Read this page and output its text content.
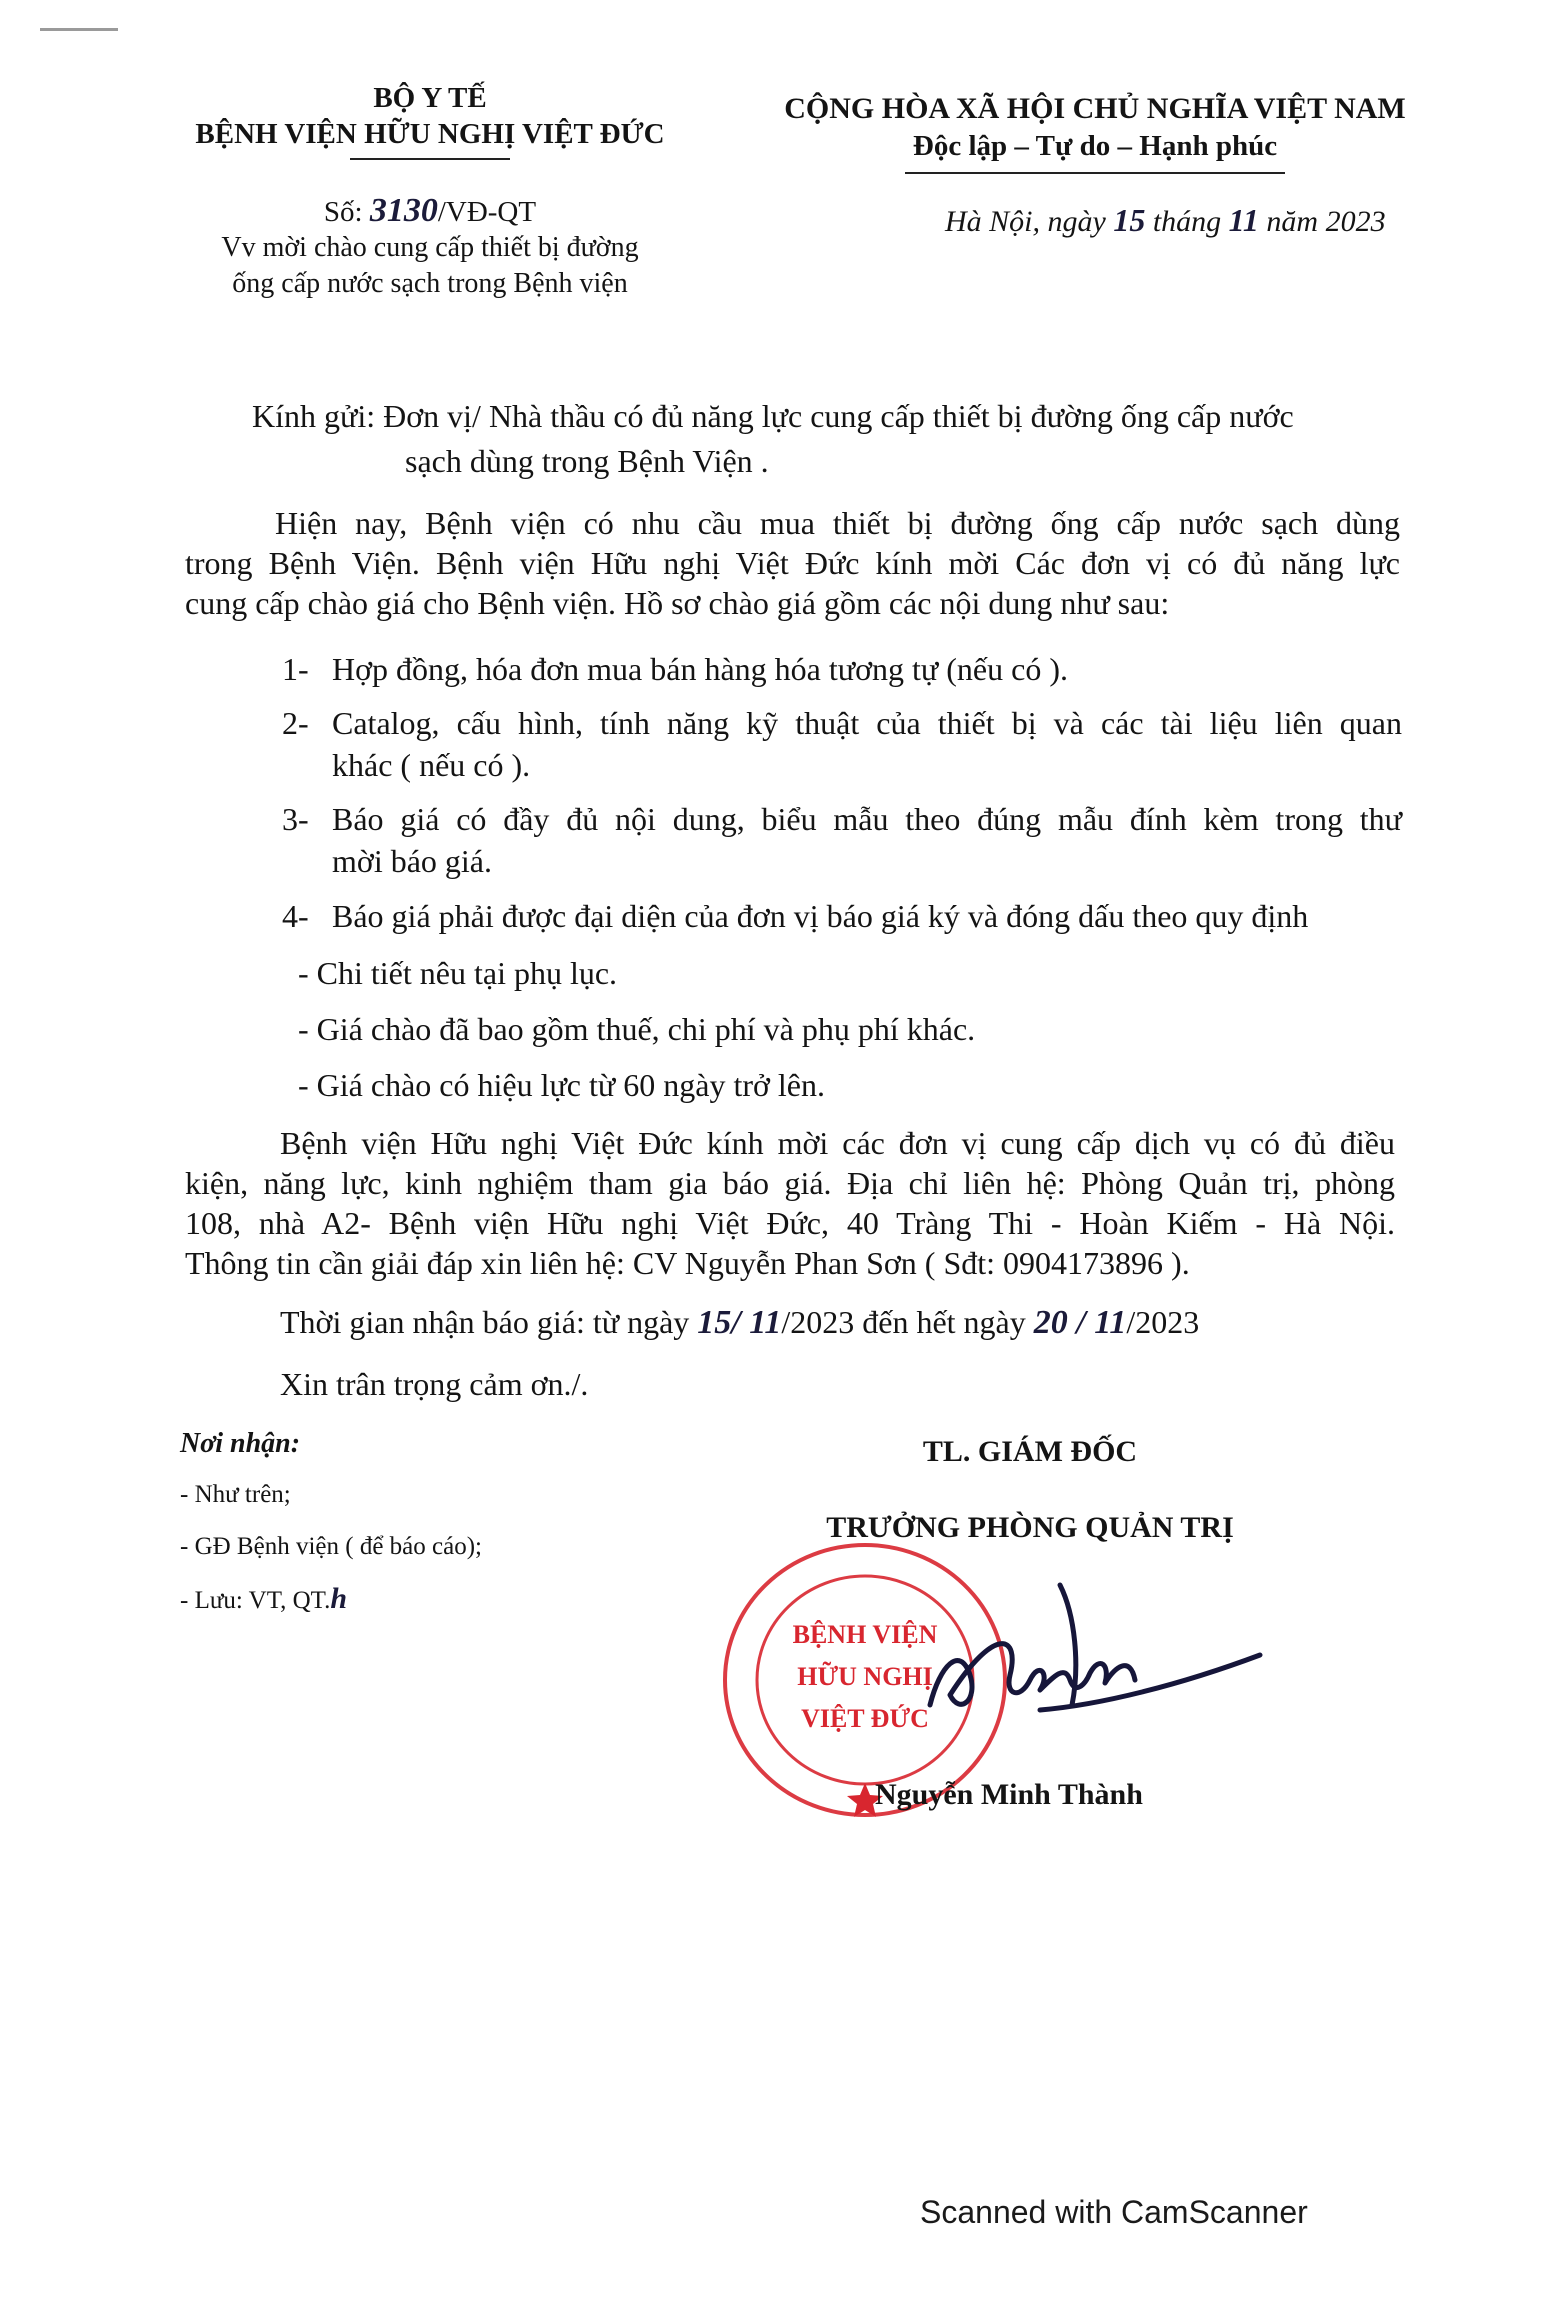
BỘ Y TẾ
BỆNH VIỆN HỮU NGHỊ VIỆT ĐỨC
Số: 3130/VĐ-QT
Vv mời chào cung cấp thiết bị đường
ống cấp nước sạch trong Bệnh viện
CỘNG HÒA XÃ HỘI CHỦ NGHĨA VIỆT NAM
Độc lập – Tự do – Hạnh phúc
Hà Nội, ngày 15 tháng 11 năm 2023
Kính gửi: Đơn vị/ Nhà thầu có đủ năng lực cung cấp thiết bị đường ống cấp nước
sạch dùng trong Bệnh Viện .
Hiện nay, Bệnh viện có nhu cầu mua thiết bị đường ống cấp nước sạch dùng
trong Bệnh Viện. Bệnh viện Hữu nghị Việt Đức kính mời Các đơn vị có đủ năng lực
cung cấp chào giá cho Bệnh viện. Hồ sơ chào giá gồm các nội dung như sau:
1- Hợp đồng, hóa đơn mua bán hàng hóa tương tự (nếu có ).
2- Catalog, cấu hình, tính năng kỹ thuật của thiết bị và các tài liệu liên quan
khác ( nếu có ).
3- Báo giá có đầy đủ nội dung, biểu mẫu theo đúng mẫu đính kèm trong thư
mời báo giá.
4- Báo giá phải được đại diện của đơn vị báo giá ký và đóng dấu theo quy định
- Chi tiết nêu tại phụ lục.
- Giá chào đã bao gồm thuế, chi phí và phụ phí khác.
- Giá chào có hiệu lực từ 60 ngày trở lên.
Bệnh viện Hữu nghị Việt Đức kính mời các đơn vị cung cấp dịch vụ có đủ điều
kiện, năng lực, kinh nghiệm tham gia báo giá. Địa chỉ liên hệ: Phòng Quản trị, phòng
108, nhà A2- Bệnh viện Hữu nghị Việt Đức, 40 Tràng Thi - Hoàn Kiếm - Hà Nội.
Thông tin cần giải đáp xin liên hệ: CV Nguyễn Phan Sơn ( Sđt: 0904173896 ).
Thời gian nhận báo giá: từ ngày 15/ 11/2023 đến hết ngày 20 / 11/2023
Xin trân trọng cảm ơn./.
Nơi nhận:
- Như trên;
- GĐ Bệnh viện ( để báo cáo);
- Lưu: VT, QT.h
TL. GIÁM ĐỐC
TRƯỞNG PHÒNG QUẢN TRỊ
BỆNH VIỆN
HỮU NGHỊ
VIỆT ĐỨC
Nguyễn Minh Thành
Scanned with CamScanner
